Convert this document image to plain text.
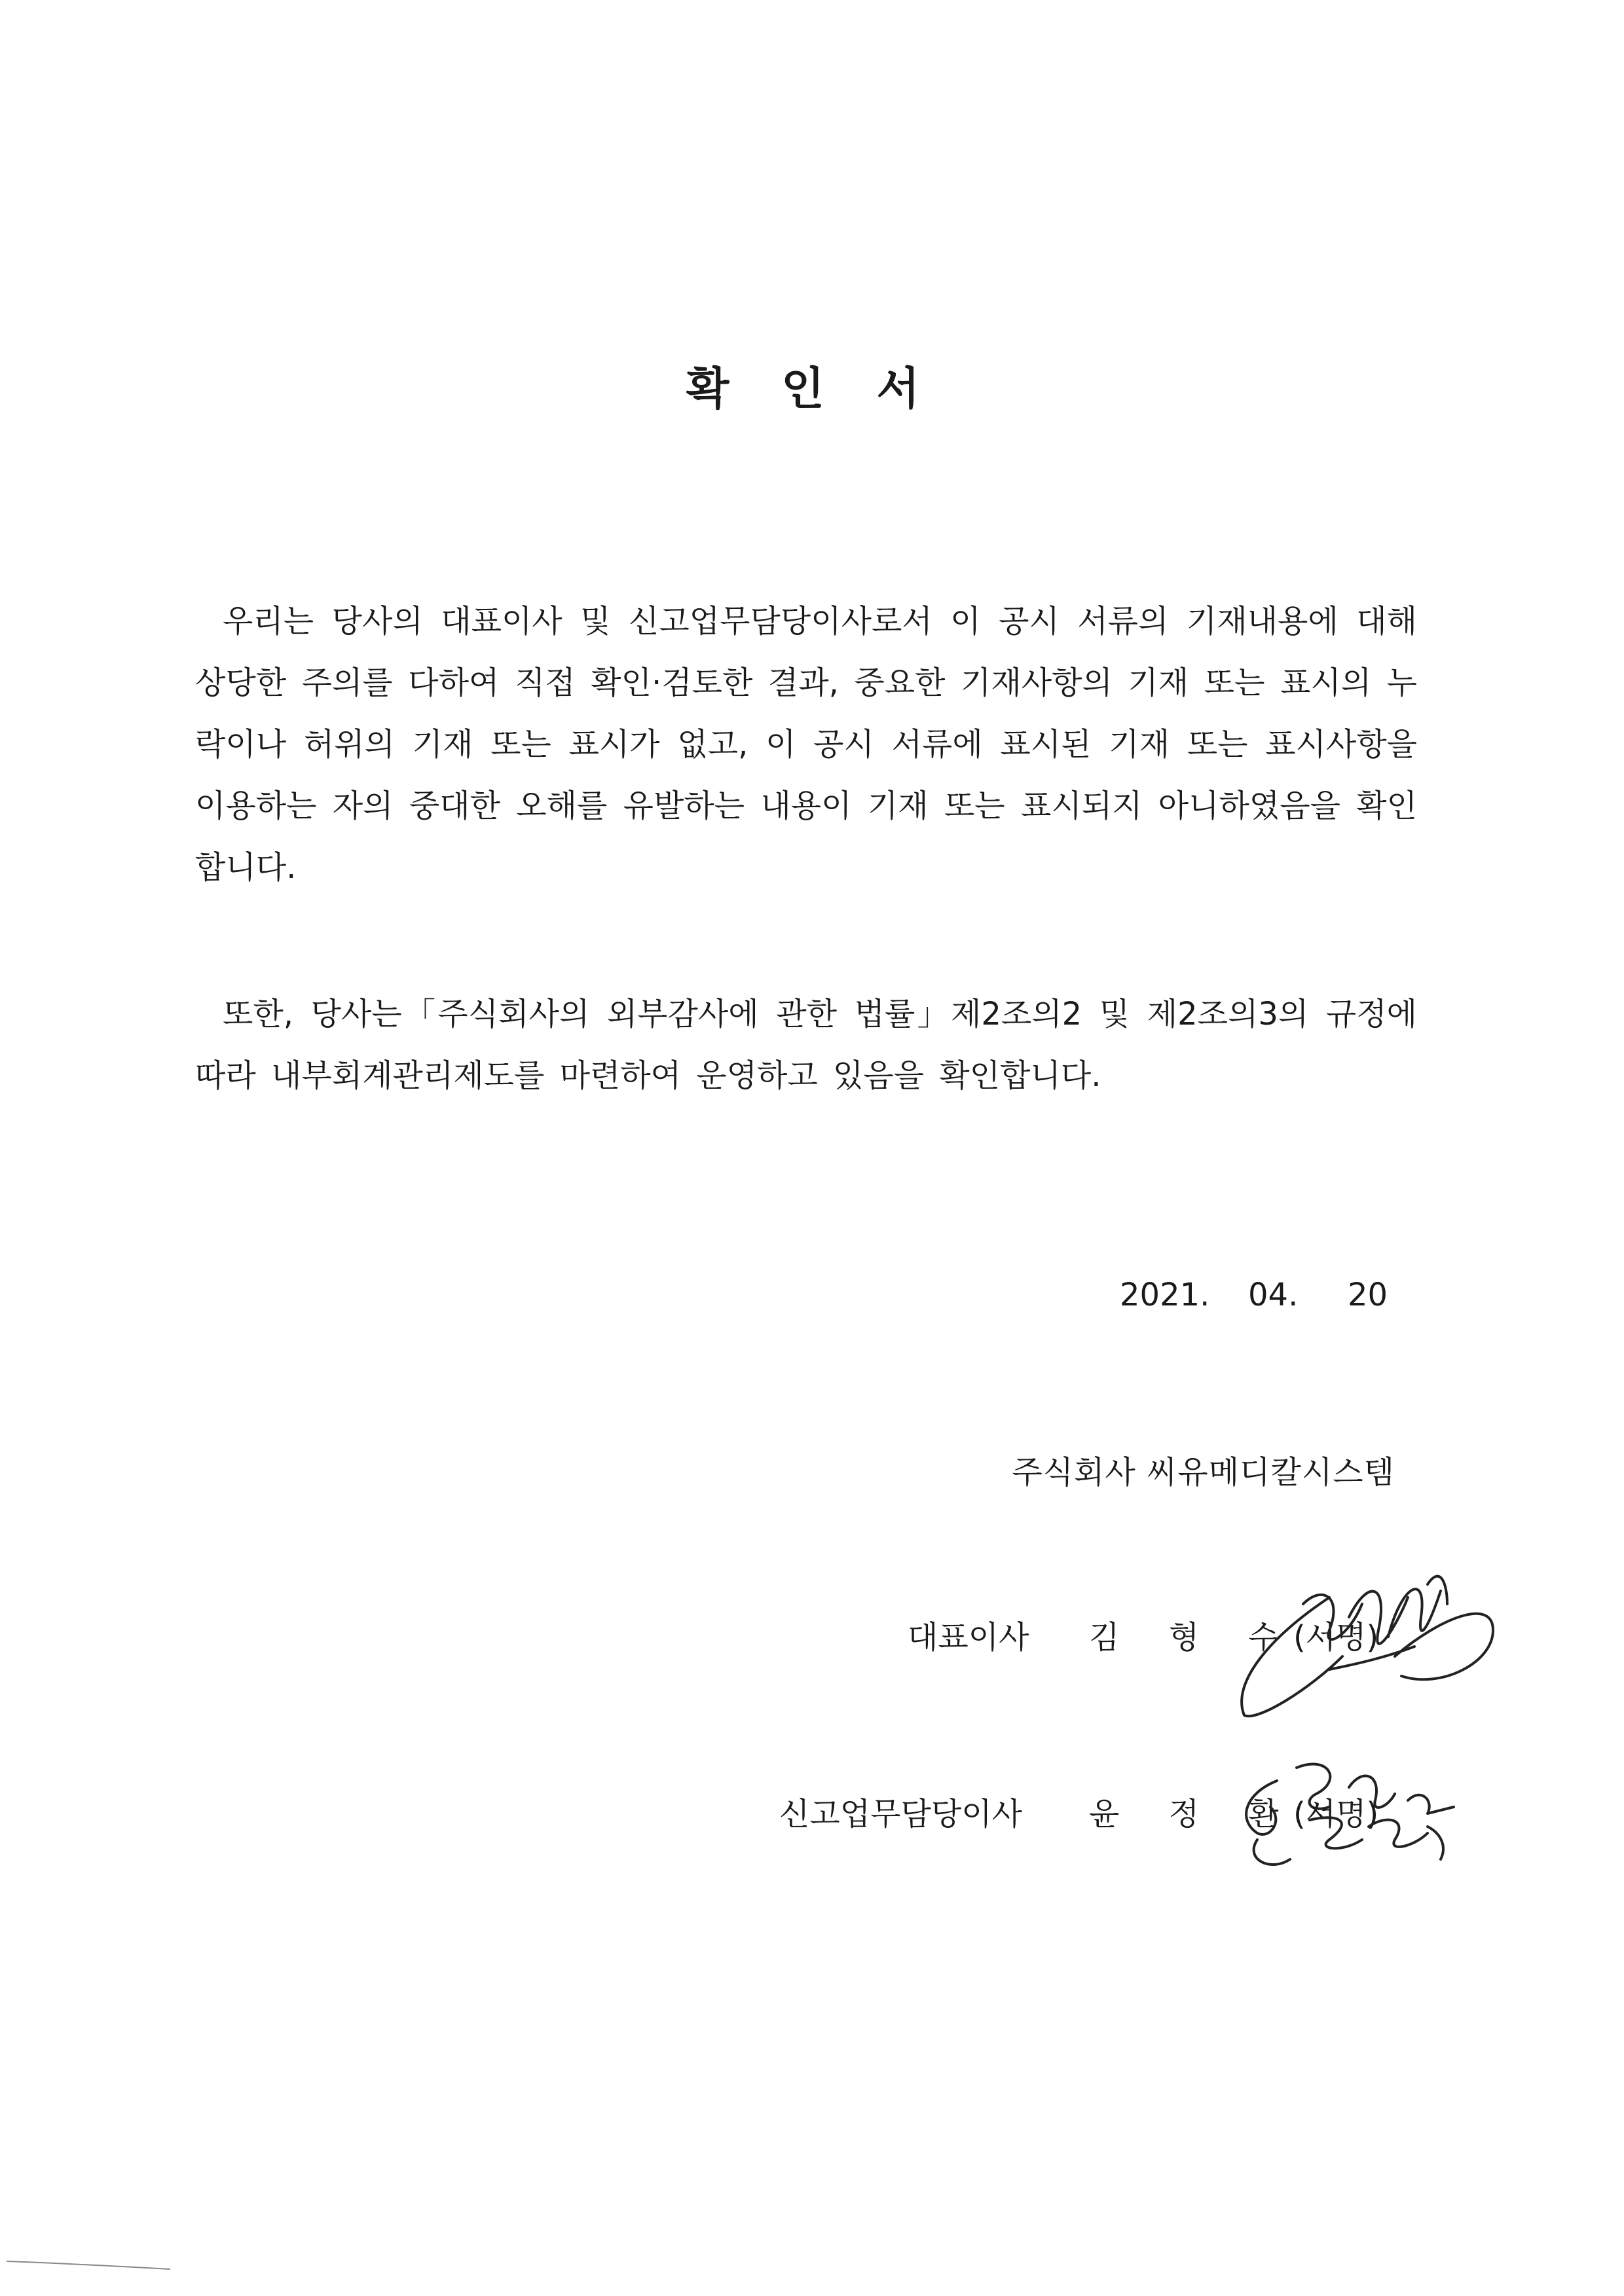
확 인 서

우리는 당사의 대표이사 및 신고업무담당이사로서 이 공시 서류의 기재내용에 대해 상당한 주의를 다하여 직접 확인·검토한 결과, 중요한 기재사항의 기재 또는 표시의 누락이나 허위의 기재 또는 표시가 없고, 이 공시 서류에 표시된 기재 또는 표시사항을 이용하는 자의 중대한 오해를 유발하는 내용이 기재 또는 표시되지 아니하였음을 확인합니다.

또한, 당사는「주식회사의 외부감사에 관한 법률」제2조의2 및 제2조의3의 규정에 따라 내부회계관리제도를 마련하여 운영하고 있음을 확인합니다.

2021. 04. 20
주식회사 씨유메디칼시스템
대표이사 김 형 수
(서명)
신고업무담당이사 윤 정 환
(서명)
